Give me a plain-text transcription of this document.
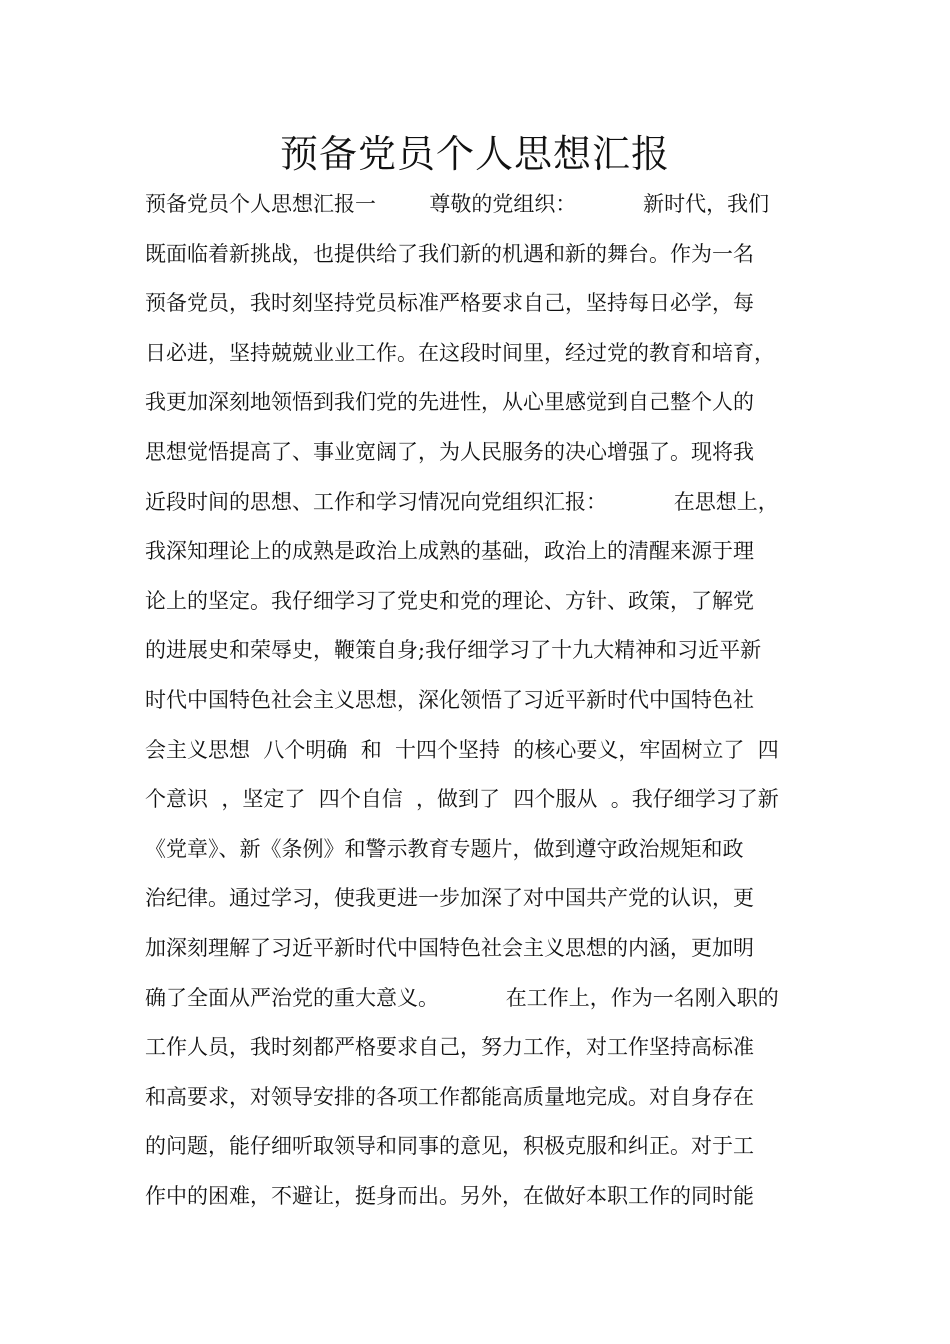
预备党员个人思想汇报
预备党员个人思想汇报一        尊敬的党组织：          新时代，我们
既面临着新挑战，也提供给了我们新的机遇和新的舞台。作为一名
预备党员，我时刻坚持党员标准严格要求自己，坚持每日必学，每
日必进，坚持兢兢业业工作。在这段时间里，经过党的教育和培育，
我更加深刻地领悟到我们党的先进性，从心里感觉到自己整个人的
思想觉悟提高了、事业宽阔了，为人民服务的决心增强了。现将我
近段时间的思想、工作和学习情况向党组织汇报：          在思想上，
我深知理论上的成熟是政治上成熟的基础，政治上的清醒来源于理
论上的坚定。我仔细学习了党史和党的理论、方针、政策，了解党
的进展史和荣辱史，鞭策自身;我仔细学习了十九大精神和习近平新
时代中国特色社会主义思想，深化领悟了习近平新时代中国特色社
会主义思想  八个明确  和  十四个坚持  的核心要义，牢固树立了  四
个意识  ，坚定了  四个自信  ，做到了  四个服从  。我仔细学习了新
《党章》、新《条例》和警示教育专题片，做到遵守政治规矩和政
治纪律。通过学习，使我更进一步加深了对中国共产党的认识，更
加深刻理解了习近平新时代中国特色社会主义思想的内涵，更加明
确了全面从严治党的重大意义。          在工作上，作为一名刚入职的
工作人员，我时刻都严格要求自己，努力工作，对工作坚持高标准
和高要求，对领导安排的各项工作都能高质量地完成。对自身存在
的问题，能仔细听取领导和同事的意见，积极克服和纠正。对于工
作中的困难，不避让，挺身而出。另外，在做好本职工作的同时能
